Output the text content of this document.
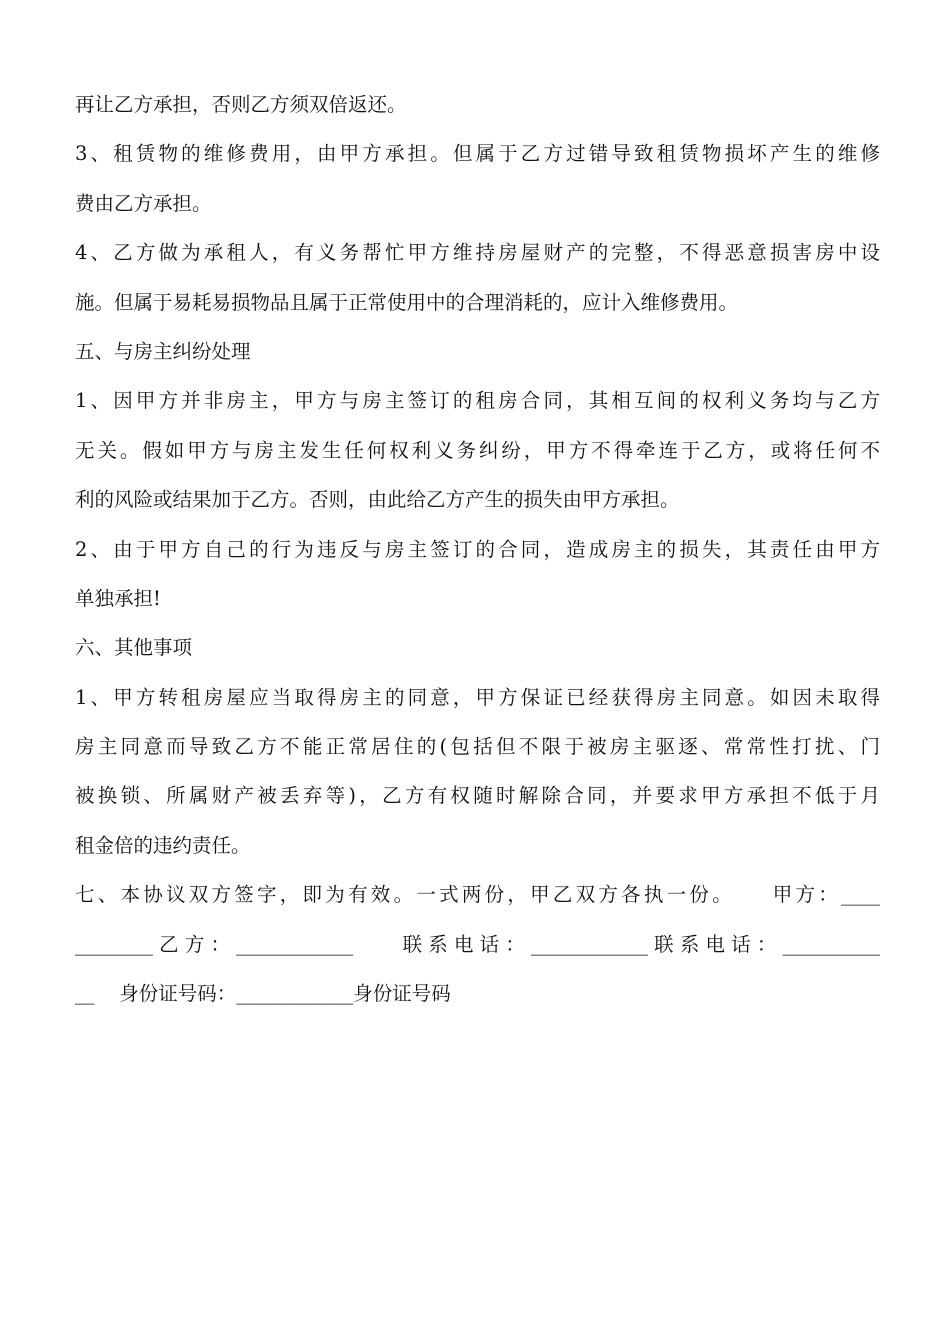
再让乙方承担，否则乙方须双倍返还。
3、租赁物的维修费用，由甲方承担。但属于乙方过错导致租赁物损坏产生的维修
费由乙方承担。
4、乙方做为承租人，有义务帮忙甲方维持房屋财产的完整，不得恶意损害房中设
施。但属于易耗易损物品且属于正常使用中的合理消耗的，应计入维修费用。
五、与房主纠纷处理
1、因甲方并非房主，甲方与房主签订的租房合同，其相互间的权利义务均与乙方
无关。假如甲方与房主发生任何权利义务纠纷，甲方不得牵连于乙方，或将任何不
利的风险或结果加于乙方。否则，由此给乙方产生的损失由甲方承担。
2、由于甲方自己的行为违反与房主签订的合同，造成房主的损失，其责任由甲方
单独承担!
六、其他事项
1、甲方转租房屋应当取得房主的同意，甲方保证已经获得房主同意。如因未取得
房主同意而导致乙方不能正常居住的(包括但不限于被房主驱逐、常常性打扰、门
被换锁、所属财产被丢弃等)，乙方有权随时解除合同，并要求甲方承担不低于月
租金倍的违约责任。
七、本协议双方签字，即为有效。一式两份，甲乙双方各执一份。    甲方：____
________乙方：____________    联系电话：____________联系电话：__________
__    身份证号码：____________身份证号码
